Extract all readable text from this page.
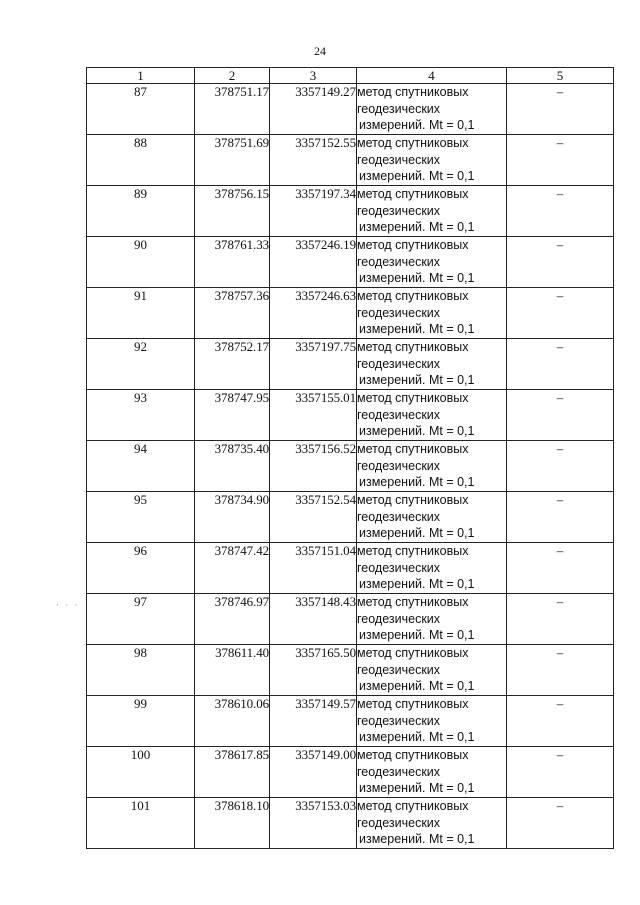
24
· · ·
1	2	3	4	5
87	378751.17	3357149.27	метод спутниковых
геодезических
измерений. Mt = 0,1	–
88	378751.69	3357152.55	метод спутниковых
геодезических
измерений. Mt = 0,1	–
89	378756.15	3357197.34	метод спутниковых
геодезических
измерений. Mt = 0,1	–
90	378761.33	3357246.19	метод спутниковых
геодезических
измерений. Mt = 0,1	–
91	378757.36	3357246.63	метод спутниковых
геодезических
измерений. Mt = 0,1	–
92	378752.17	3357197.75	метод спутниковых
геодезических
измерений. Mt = 0,1	–
93	378747.95	3357155.01	метод спутниковых
геодезических
измерений. Mt = 0,1	–
94	378735.40	3357156.52	метод спутниковых
геодезических
измерений. Mt = 0,1	–
95	378734.90	3357152.54	метод спутниковых
геодезических
измерений. Mt = 0,1	–
96	378747.42	3357151.04	метод спутниковых
геодезических
измерений. Mt = 0,1	–
97	378746.97	3357148.43	метод спутниковых
геодезических
измерений. Mt = 0,1	–
98	378611.40	3357165.50	метод спутниковых
геодезических
измерений. Mt = 0,1	–
99	378610.06	3357149.57	метод спутниковых
геодезических
измерений. Mt = 0,1	–
100	378617.85	3357149.00	метод спутниковых
геодезических
измерений. Mt = 0,1	–
101	378618.10	3357153.03	метод спутниковых
геодезических
измерений. Mt = 0,1	–
